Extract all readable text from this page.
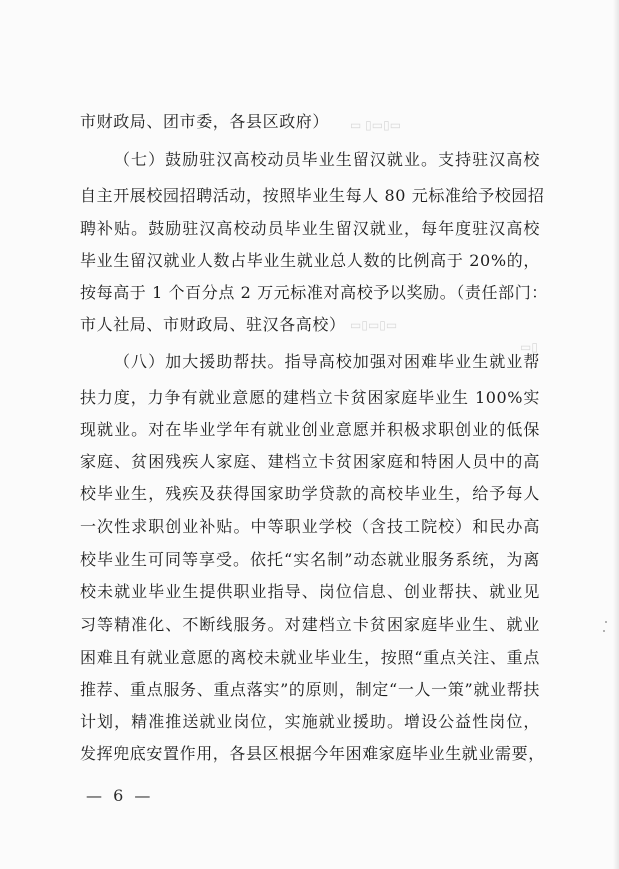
▭ ▯▭▯▭
▭▯▭▯▭
▭▯
市财政局、团市委，各县区政府）
（七）鼓励驻汉高校动员毕业生留汉就业。支持驻汉高校
自主开展校园招聘活动，按照毕业生每人 80 元标准给予校园招
聘补贴。鼓励驻汉高校动员毕业生留汉就业，每年度驻汉高校
毕业生留汉就业人数占毕业生就业总人数的比例高于 20%的，
按每高于 1 个百分点 2 万元标准对高校予以奖励。（责任部门：
市人社局、市财政局、驻汉各高校）
（八）加大援助帮扶。指导高校加强对困难毕业生就业帮
扶力度，力争有就业意愿的建档立卡贫困家庭毕业生 100%实
现就业。对在毕业学年有就业创业意愿并积极求职创业的低保
家庭、贫困残疾人家庭、建档立卡贫困家庭和特困人员中的高
校毕业生，残疾及获得国家助学贷款的高校毕业生，给予每人
一次性求职创业补贴。中等职业学校（含技工院校）和民办高
校毕业生可同等享受。依托“实名制”动态就业服务系统，为离
校未就业毕业生提供职业指导、岗位信息、创业帮扶、就业见
习等精准化、不断线服务。对建档立卡贫困家庭毕业生、就业
困难且有就业意愿的离校未就业毕业生，按照“重点关注、重点
推荐、重点服务、重点落实”的原则，制定“一人一策”就业帮扶
计划，精准推送就业岗位，实施就业援助。增设公益性岗位，
发挥兜底安置作用，各县区根据今年困难家庭毕业生就业需要，
— 6 —
